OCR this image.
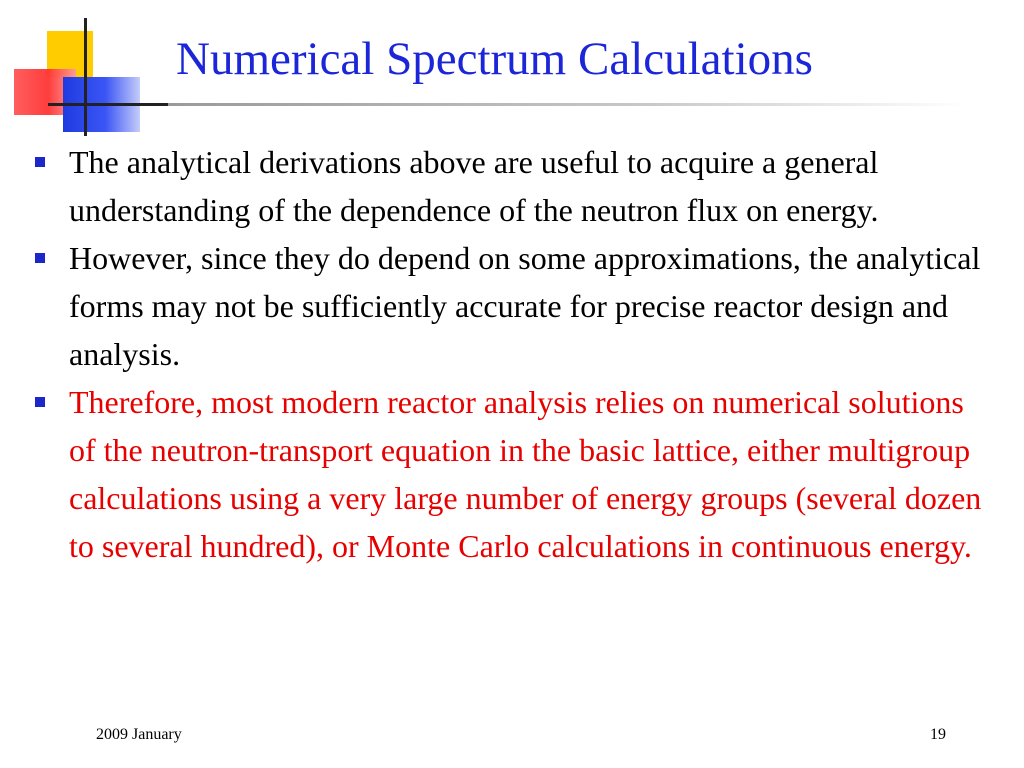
Numerical Spectrum Calculations
The analytical derivations above are useful to acquire a general understanding of the dependence of the neutron flux on energy.
However, since they do depend on some approximations, the analytical forms may not be sufficiently accurate for precise reactor design and analysis.
Therefore, most modern reactor analysis relies on numerical solutions of the neutron-transport equation in the basic lattice, either multigroup calculations using a very large number of energy groups (several dozen to several hundred), or Monte Carlo calculations in continuous energy.
2009 January	19
